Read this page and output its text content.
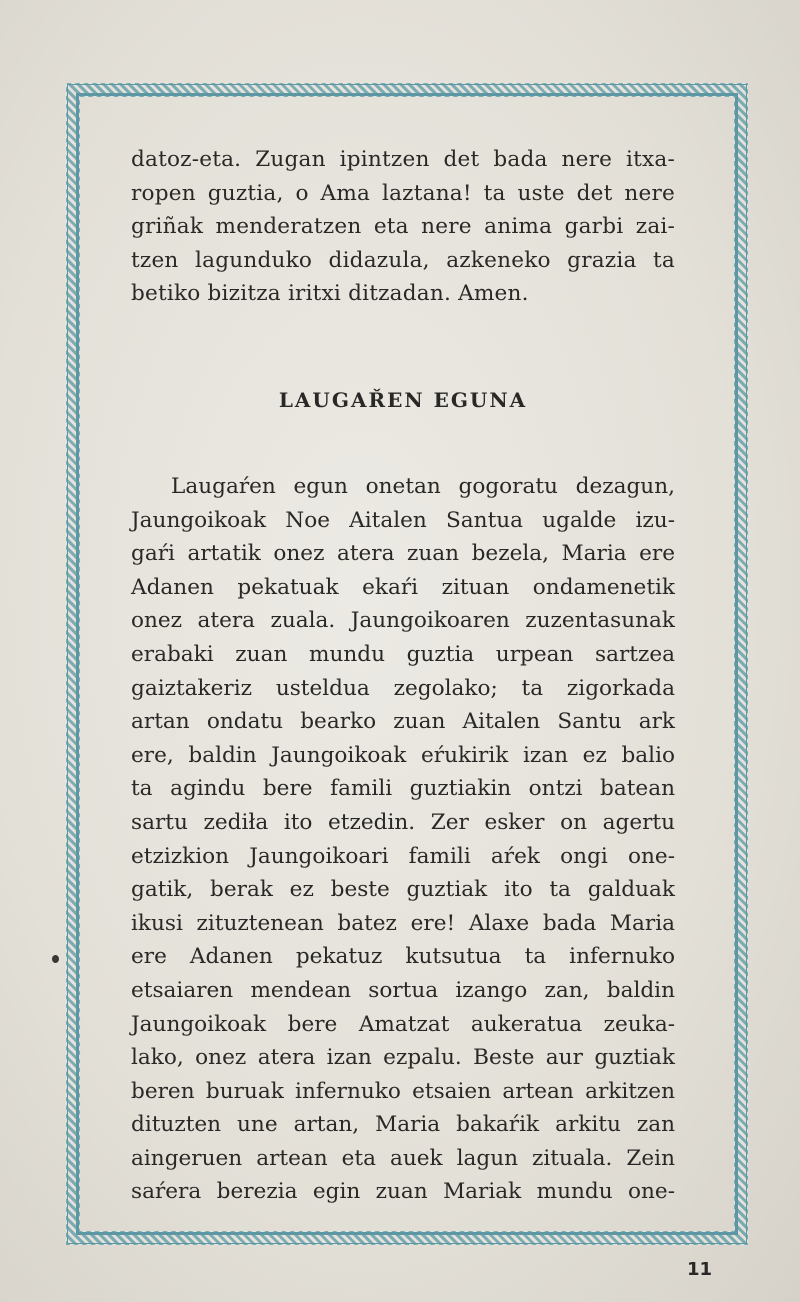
datoz-eta. Zugan ipintzen det bada nere itxa-
ropen guztia, o Ama laztana! ta uste det nere
griñak menderatzen eta nere anima garbi zai-
tzen lagunduko didazula, azkeneko grazia ta
betiko bizitza iritxi ditzadan. Amen.

LAUGAŘEN EGUNA
Laugaŕen egun onetan gogoratu dezagun,
Jaungoikoak Noe Aitalen Santua ugalde izu-
gaŕi artatik onez atera zuan bezela, Maria ere
Adanen pekatuak ekaŕi zituan ondamenetik
onez atera zuala. Jaungoikoaren zuzentasunak
erabaki zuan mundu guztia urpean sartzea
gaiztakeriz usteldua zegolako; ta zigorkada
artan ondatu bearko zuan Aitalen Santu ark
ere, baldin Jaungoikoak eŕukirik izan ez balio
ta agindu bere famili guztiakin ontzi batean
sartu zediła ito etzedin. Zer esker on agertu
etzizkion Jaungoikoari famili aŕek ongi one-
gatik, berak ez beste guztiak ito ta galduak
ikusi zituztenean batez ere! Alaxe bada Maria
ere Adanen pekatuz kutsutua ta infernuko
etsaiaren mendean sortua izango zan, baldin
Jaungoikoak bere Amatzat aukeratua zeuka-
lako, onez atera izan ezpalu. Beste aur guztiak
beren buruak infernuko etsaien artean arkitzen
dituzten une artan, Maria bakaŕik arkitu zan
aingeruen artean eta auek lagun zituala. Zein
saŕera berezia egin zuan Mariak mundu one-
11
